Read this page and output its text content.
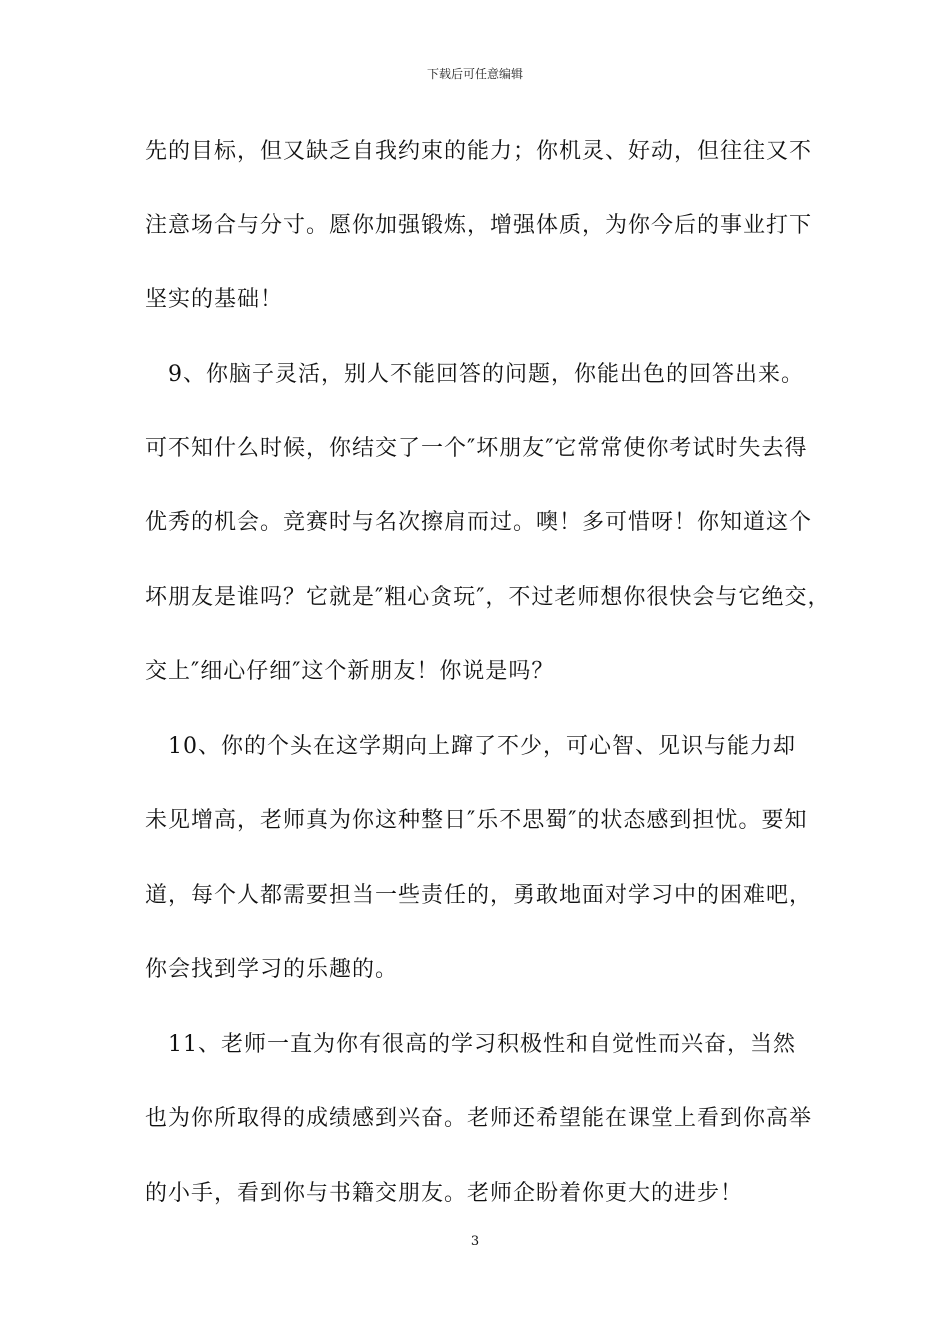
下载后可任意编辑
先的目标，但又缺乏自我约束的能力；你机灵、好动，但往往又不
注意场合与分寸。愿你加强锻炼，增强体质，为你今后的事业打下
坚实的基础！
　9、你脑子灵活，别人不能回答的问题，你能出色的回答出来。
可不知什么时候，你结交了一个″坏朋友″它常常使你考试时失去得
优秀的机会。竞赛时与名次擦肩而过。噢！多可惜呀！你知道这个
坏朋友是谁吗？它就是″粗心贪玩″，不过老师想你很快会与它绝交，
交上″细心仔细″这个新朋友！你说是吗？
　10、你的个头在这学期向上蹿了不少，可心智、见识与能力却
未见增高，老师真为你这种整日″乐不思蜀″的状态感到担忧。要知
道，每个人都需要担当一些责任的，勇敢地面对学习中的困难吧，
你会找到学习的乐趣的。
　11、老师一直为你有很高的学习积极性和自觉性而兴奋，当然
也为你所取得的成绩感到兴奋。老师还希望能在课堂上看到你高举
的小手，看到你与书籍交朋友。老师企盼着你更大的进步！
3
